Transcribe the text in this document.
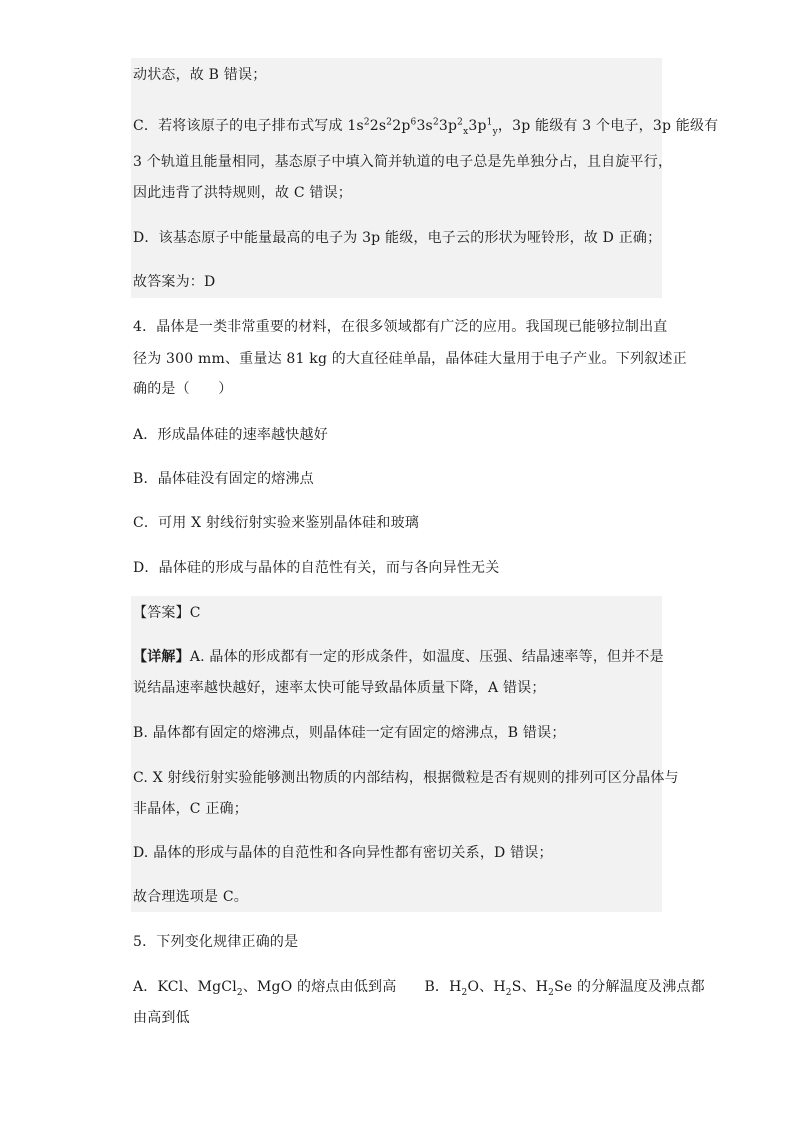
动状态，故 B 错误；
C．若将该原子的电子排布式写成 $1s^22s^22p^63s^23p^2_x3p^1_y$，3p 能级有 3 个电子，3p 能级有
3 个轨道且能量相同，基态原子中填入简并轨道的电子总是先单独分占，且自旋平行，
因此违背了洪特规则，故 C 错误；
D．该基态原子中能量最高的电子为 3p 能级，电子云的形状为哑铃形，故 D 正确；
故答案为：D
4．晶体是一类非常重要的材料，在很多领域都有广泛的应用。我国现已能够拉制出直
径为 300 mm、重量达 81 kg 的大直径硅单晶，晶体硅大量用于电子产业。下列叙述正
确的是（　　）
A．形成晶体硅的速率越快越好
B．晶体硅没有固定的熔沸点
C．可用 X 射线衍射实验来鉴别晶体硅和玻璃
D．晶体硅的形成与晶体的自范性有关，而与各向异性无关
【答案】C
【详解】A. 晶体的形成都有一定的形成条件，如温度、压强、结晶速率等，但并不是
说结晶速率越快越好，速率太快可能导致晶体质量下降，A 错误；
B. 晶体都有固定的熔沸点，则晶体硅一定有固定的熔沸点，B 错误；
C. X 射线衍射实验能够测出物质的内部结构，根据微粒是否有规则的排列可区分晶体与
非晶体，C 正确；
D. 晶体的形成与晶体的自范性和各向异性都有密切关系，D 错误；
故合理选项是 C。
5．下列变化规律正确的是
A．KCl、MgCl$_2$、MgO 的熔点由低到高 B．$H_2O$、$H_2S$、$H_2Se$ 的分解温度及沸点都
由高到低
